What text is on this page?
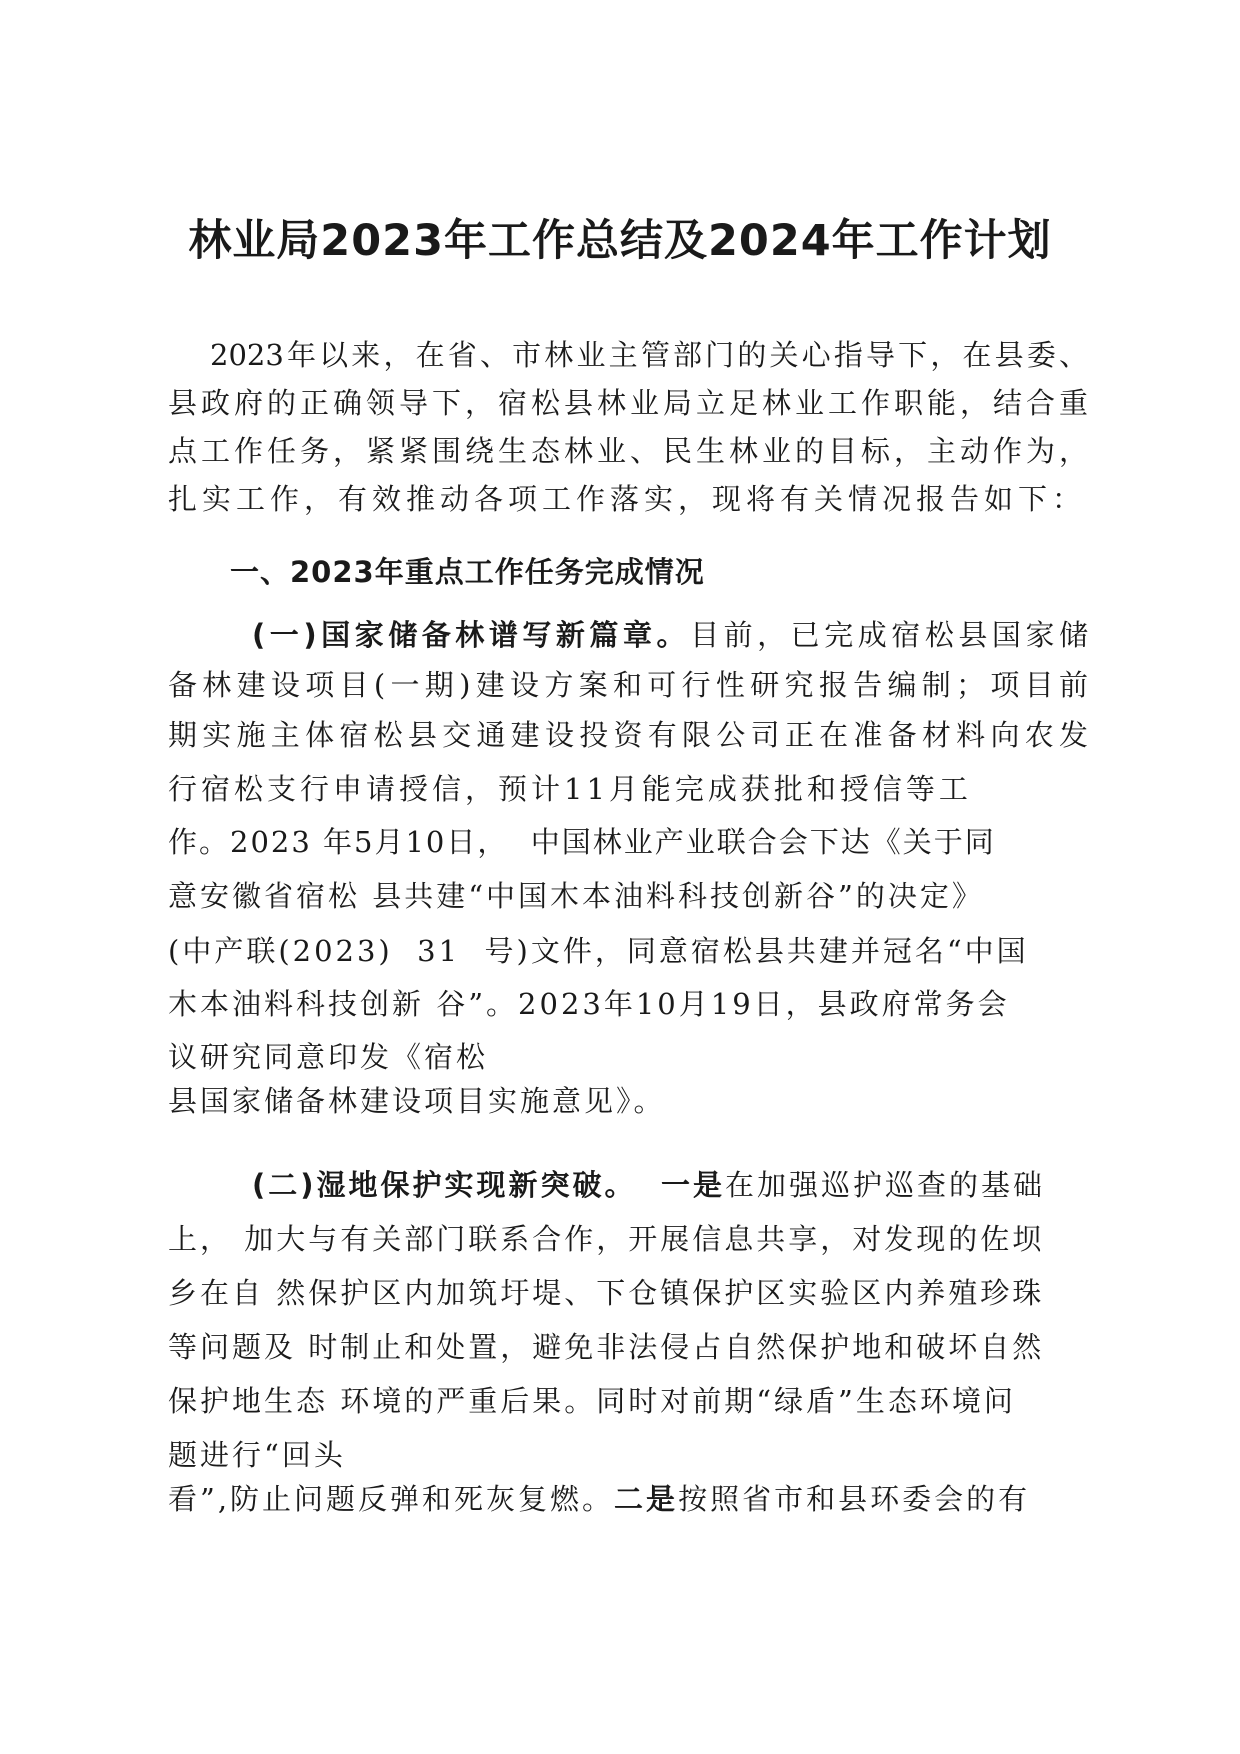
林业局2023年工作总结及2024年工作计划
2023年以来，在省、市林业主管部门的关心指导下，在县委、
县政府的正确领导下，宿松县林业局立足林业工作职能，结合重
点工作任务，紧紧围绕生态林业、民生林业的目标，主动作为，
扎实工作，有效推动各项工作落实，现将有关情况报告如下：
一、2023年重点工作任务完成情况
(一)国家储备林谱写新篇章。目前，已完成宿松县国家储
备林建设项目(一期)建设方案和可行性研究报告编制；项目前
期实施主体宿松县交通建设投资有限公司正在准备材料向农发
行宿松支行申请授信，预计11月能完成获批和授信等工
作。2023 年5月10日，  中国林业产业联合会下达《关于同
意安徽省宿松 县共建“中国木本油料科技创新谷”的决定》
(中产联(2023)  31  号)文件，同意宿松县共建并冠名“中国
木本油料科技创新 谷”。2023年10月19日，县政府常务会
议研究同意印发《宿松
县国家储备林建设项目实施意见》。
(二)湿地保护实现新突破。 一是在加强巡护巡查的基础
上， 加大与有关部门联系合作，开展信息共享，对发现的佐坝
乡在自 然保护区内加筑圩堤、下仓镇保护区实验区内养殖珍珠
等问题及 时制止和处置，避免非法侵占自然保护地和破坏自然
保护地生态 环境的严重后果。同时对前期“绿盾”生态环境问
题进行“回头
看”,防止问题反弹和死灰复燃。二是按照省市和县环委会的有
